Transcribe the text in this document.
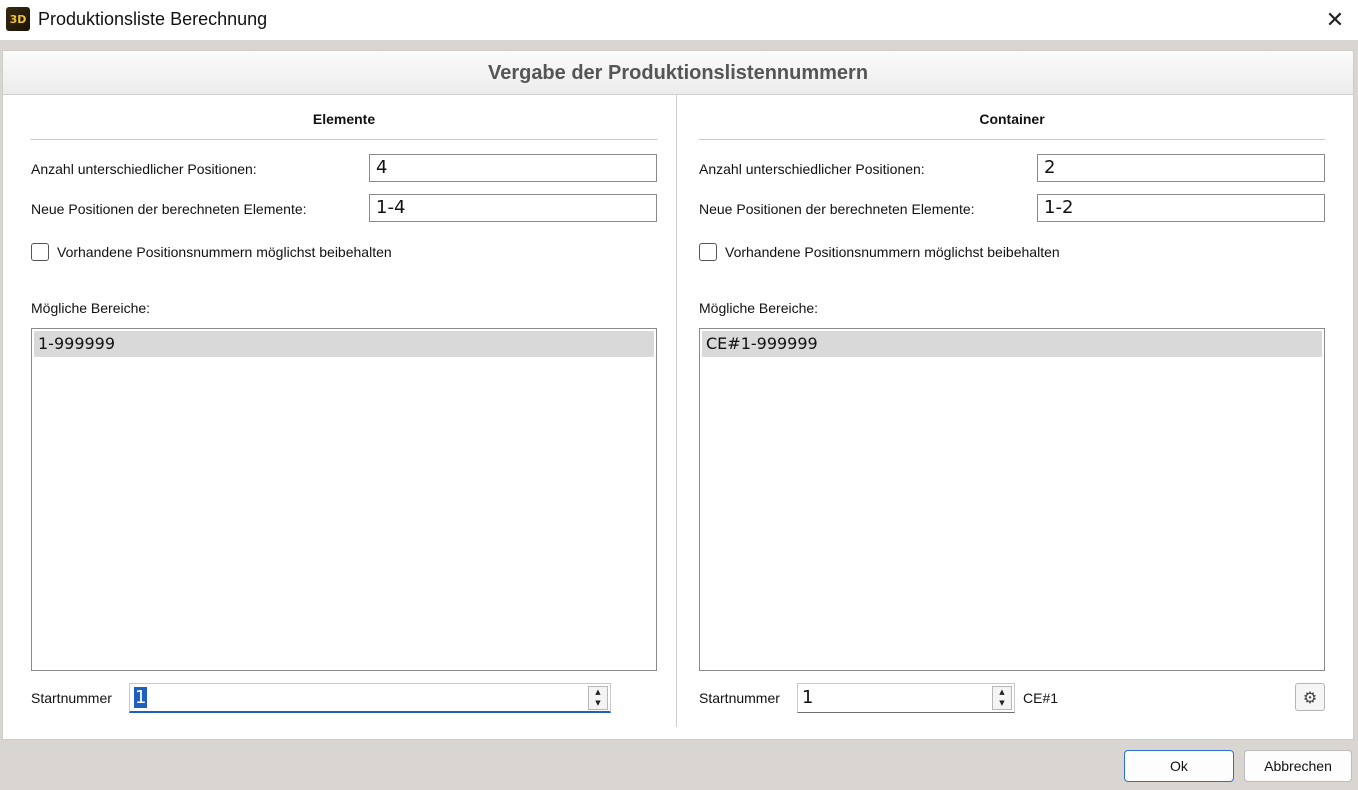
3D Produktionsliste Berechnung	✕
Vergabe der Produktionslistennummern
Elemente
Anzahl unterschiedlicher Positionen:	4
Neue Positionen der berechneten Elemente:	1-4
Vorhandene Positionsnummern möglichst beibehalten
Mögliche Bereiche:
1-999999
Startnummer	1	▲
▼
Container
Anzahl unterschiedlicher Positionen:	2
Neue Positionen der berechneten Elemente:	1-2
Vorhandene Positionsnummern möglichst beibehalten
Mögliche Bereiche:
CE#1-999999
Startnummer 1	▲
▼	CE#1	⚙
Ok	Abbrechen
